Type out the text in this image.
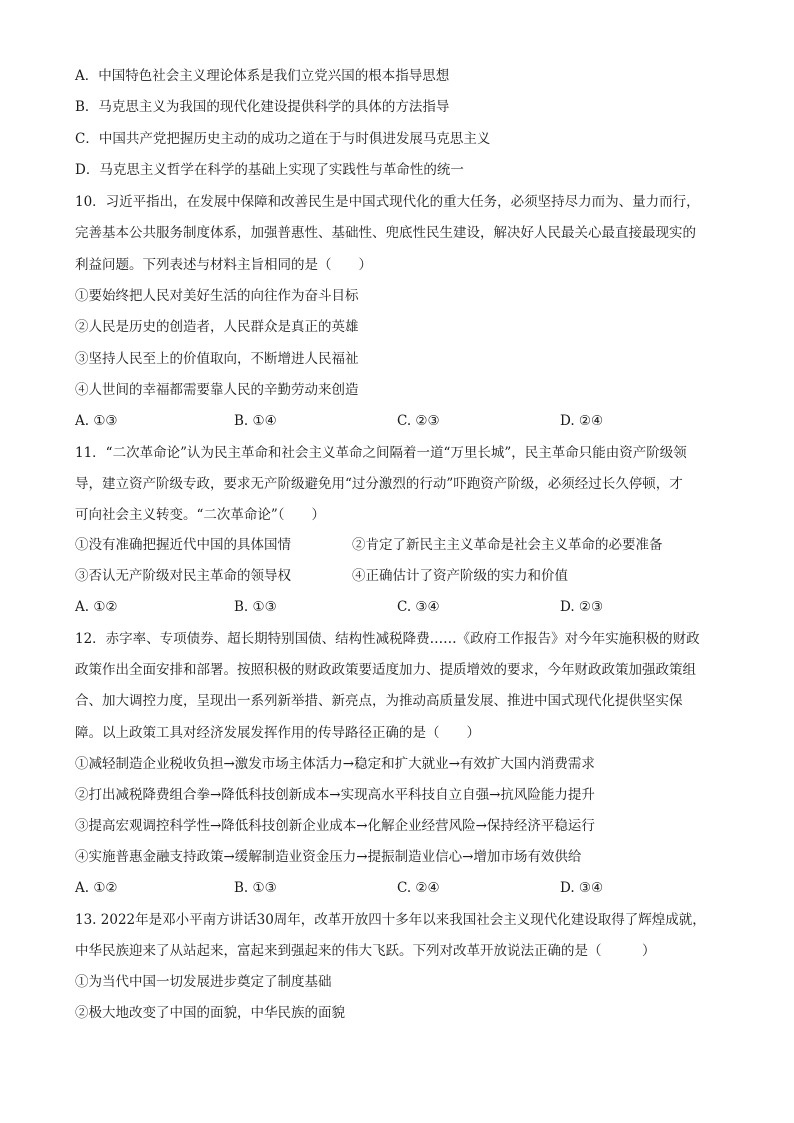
A．中国特色社会主义理论体系是我们立党兴国的根本指导思想
B．马克思主义为我国的现代化建设提供科学的具体的方法指导
C．中国共产党把握历史主动的成功之道在于与时俱进发展马克思主义
D．马克思主义哲学在科学的基础上实现了实践性与革命性的统一
10．习近平指出，在发展中保障和改善民生是中国式现代化的重大任务，必须坚持尽力而为、量力而行，
完善基本公共服务制度体系，加强普惠性、基础性、兜底性民生建设，解决好人民最关心最直接最现实的
利益问题。下列表述与材料主旨相同的是（　　）
①要始终把人民对美好生活的向往作为奋斗目标
②人民是历史的创造者，人民群众是真正的英雄
③坚持人民至上的价值取向，不断增进人民福祉
④人世间的幸福都需要靠人民的辛勤劳动来创造
A. ①③	B. ①④	C. ②③	D. ②④
11．“二次革命论”认为民主革命和社会主义革命之间隔着一道“万里长城”，民主革命只能由资产阶级领
导，建立资产阶级专政，要求无产阶级避免用“过分激烈的行动”吓跑资产阶级，必须经过长久停顿，才
可向社会主义转变。“二次革命论”（　　）
①没有准确把握近代中国的具体国情	②肯定了新民主主义革命是社会主义革命的必要准备
③否认无产阶级对民主革命的领导权	④正确估计了资产阶级的实力和价值
A. ①②	B. ①③	C. ③④	D. ②③
12．赤字率、专项债券、超长期特别国债、结构性减税降费……《政府工作报告》对今年实施积极的财政
政策作出全面安排和部署。按照积极的财政政策要适度加力、提质增效的要求，今年财政政策加强政策组
合、加大调控力度，呈现出一系列新举措、新亮点，为推动高质量发展、推进中国式现代化提供坚实保
障。以上政策工具对经济发展发挥作用的传导路径正确的是（　　）
①减轻制造企业税收负担→激发市场主体活力→稳定和扩大就业→有效扩大国内消费需求
②打出减税降费组合拳→降低科技创新成本→实现高水平科技自立自强→抗风险能力提升
③提高宏观调控科学性→降低科技创新企业成本→化解企业经营风险→保持经济平稳运行
④实施普惠金融支持政策→缓解制造业资金压力→提振制造业信心→增加市场有效供给
A. ①②	B. ①③	C. ②④	D. ③④
13. 2022年是邓小平南方讲话30周年，改革开放四十多年以来我国社会主义现代化建设取得了辉煌成就，
中华民族迎来了从站起来，富起来到强起来的伟大飞跃。下列对改革开放说法正确的是（　　　）
①为当代中国一切发展进步奠定了制度基础
②极大地改变了中国的面貌，中华民族的面貌
